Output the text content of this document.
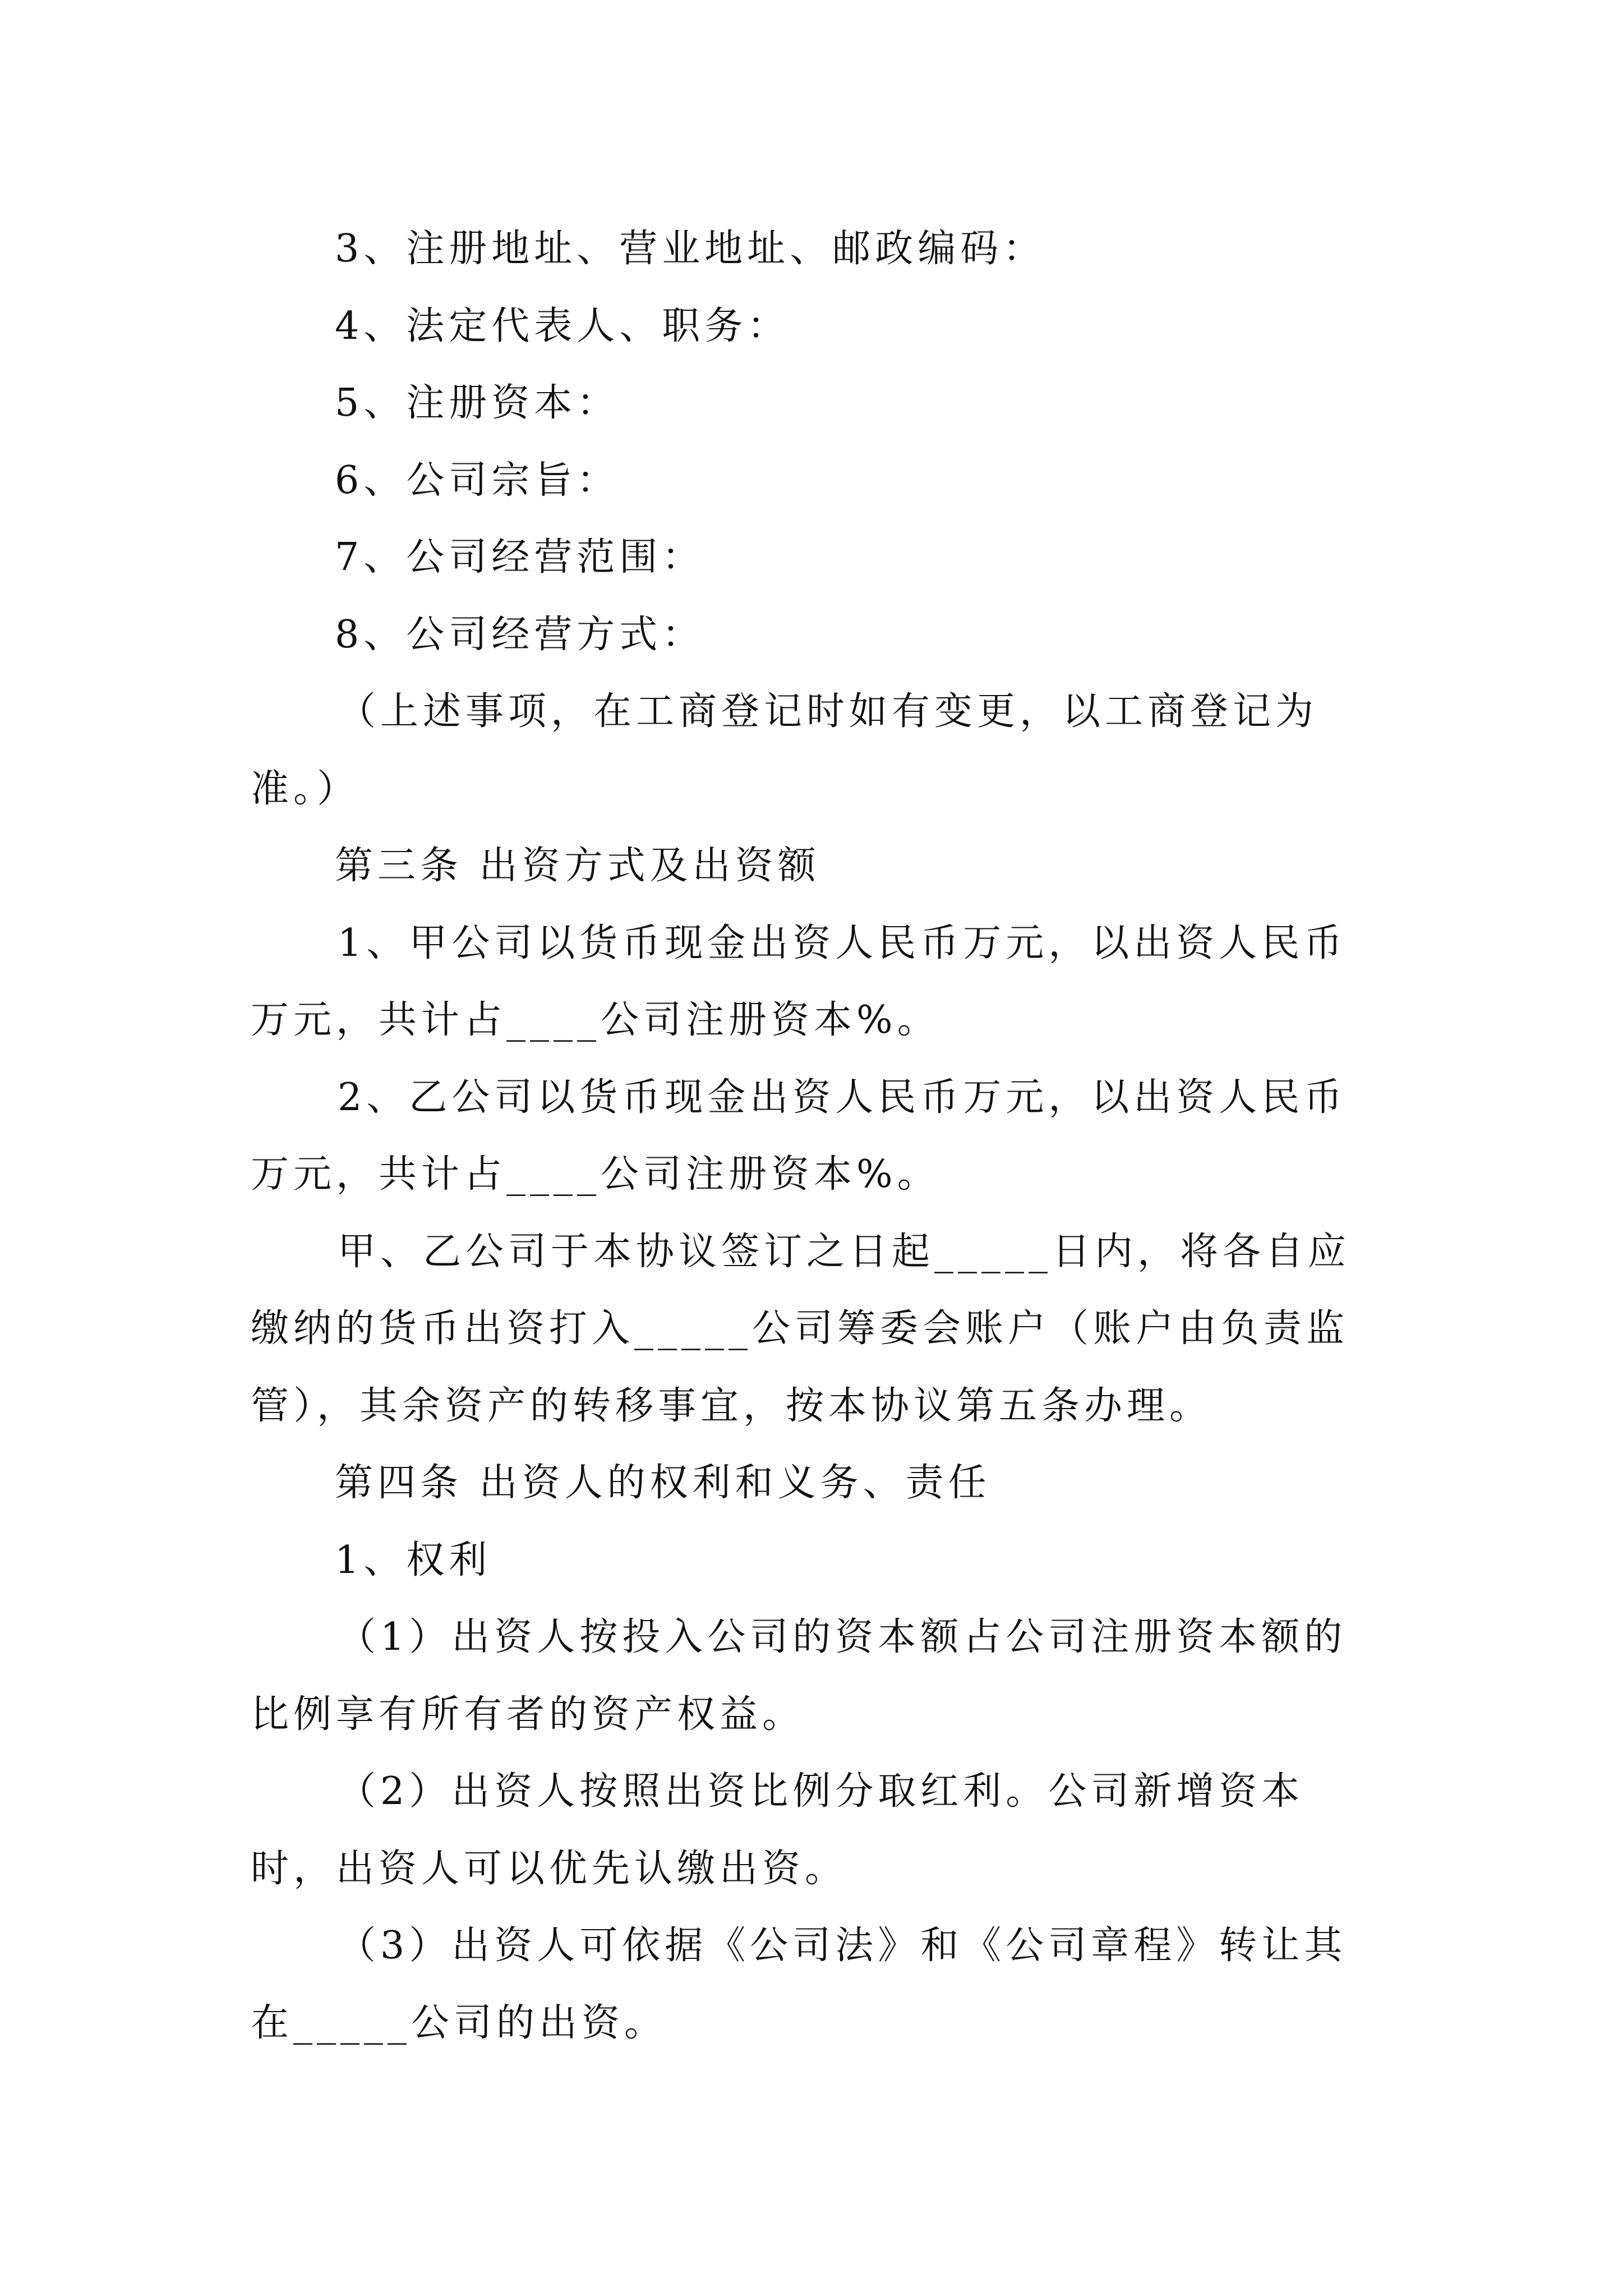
3、注册地址、营业地址、邮政编码：

4、法定代表人、职务：

5、注册资本：

6、公司宗旨：

7、公司经营范围：

8、公司经营方式：

（上述事项，在工商登记时如有变更，以工商登记为准。）

第三条 出资方式及出资额

1、甲公司以货币现金出资人民币万元，以出资人民币万元，共计占____公司注册资本%。

2、乙公司以货币现金出资人民币万元，以出资人民币万元，共计占____公司注册资本%。

甲、乙公司于本协议签订之日起_____日内，将各自应缴纳的货币出资打入_____公司筹委会账户（账户由负责监管），其余资产的转移事宜，按本协议第五条办理。

第四条 出资人的权利和义务、责任

1、权利

（1）出资人按投入公司的资本额占公司注册资本额的比例享有所有者的资产权益。

（2）出资人按照出资比例分取红利。公司新增资本时，出资人可以优先认缴出资。

（3）出资人可依据《公司法》和《公司章程》转让其在_____公司的出资。
